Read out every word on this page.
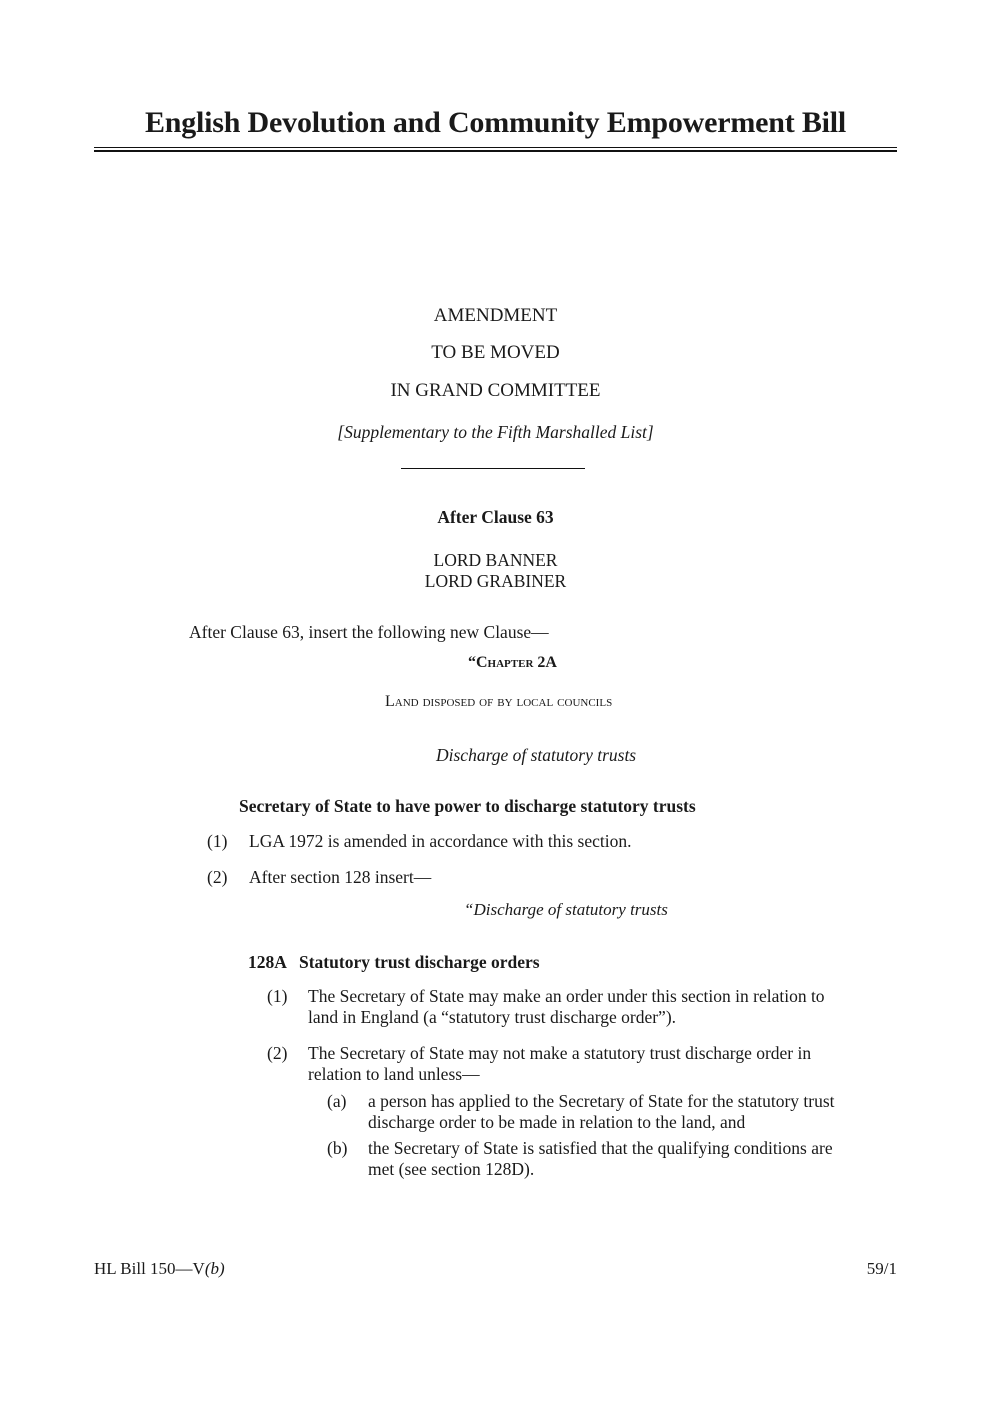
English Devolution and Community Empowerment Bill
AMENDMENT
TO BE MOVED
IN GRAND COMMITTEE
[Supplementary to the Fifth Marshalled List]
After Clause 63
LORD BANNER
LORD GRABINER
After Clause 63, insert the following new Clause—
“Chapter 2A
Land disposed of by local councils
Discharge of statutory trusts
Secretary of State to have power to discharge statutory trusts
(1) LGA 1972 is amended in accordance with this section.
(2) After section 128 insert—
“Discharge of statutory trusts
128A Statutory trust discharge orders
(1) The Secretary of State may make an order under this section in relation to
land in England (a “statutory trust discharge order”).
(2) The Secretary of State may not make a statutory trust discharge order in
relation to land unless—
(a) a person has applied to the Secretary of State for the statutory trust
discharge order to be made in relation to the land, and
(b) the Secretary of State is satisfied that the qualifying conditions are
met (see section 128D).
HL Bill 150—V(b)	59/1
